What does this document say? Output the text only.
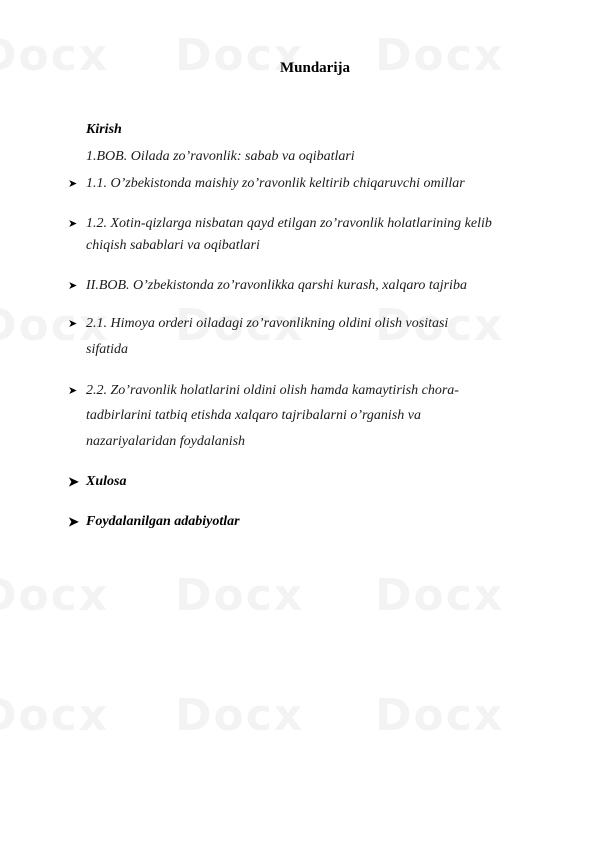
Mundarija
Kirish
1.BOB. Oilada zo’ravonlik: sabab va oqibatlari
➤ 1.1. O’zbekistonda maishiy zo’ravonlik keltirib chiqaruvchi omillar
➤ 1.2. Xotin-qizlarga nisbatan qayd etilgan zo’ravonlik holatlarining kelib
chiqish sabablari va oqibatlari
➤ II.BOB. O’zbekistonda zo’ravonlikka qarshi kurash, xalqaro tajriba
➤ 2.1. Himoya orderi oiladagi zo’ravonlikning oldini olish vositasi
sifatida
➤ 2.2. Zo’ravonlik holatlarini oldini olish hamda kamaytirish chora-
tadbirlarini tatbiq etishda xalqaro tajribalarni o’rganish va
nazariyalaridan foydalanish
➤ Xulosa
➤ Foydalanilgan adabiyotlar
